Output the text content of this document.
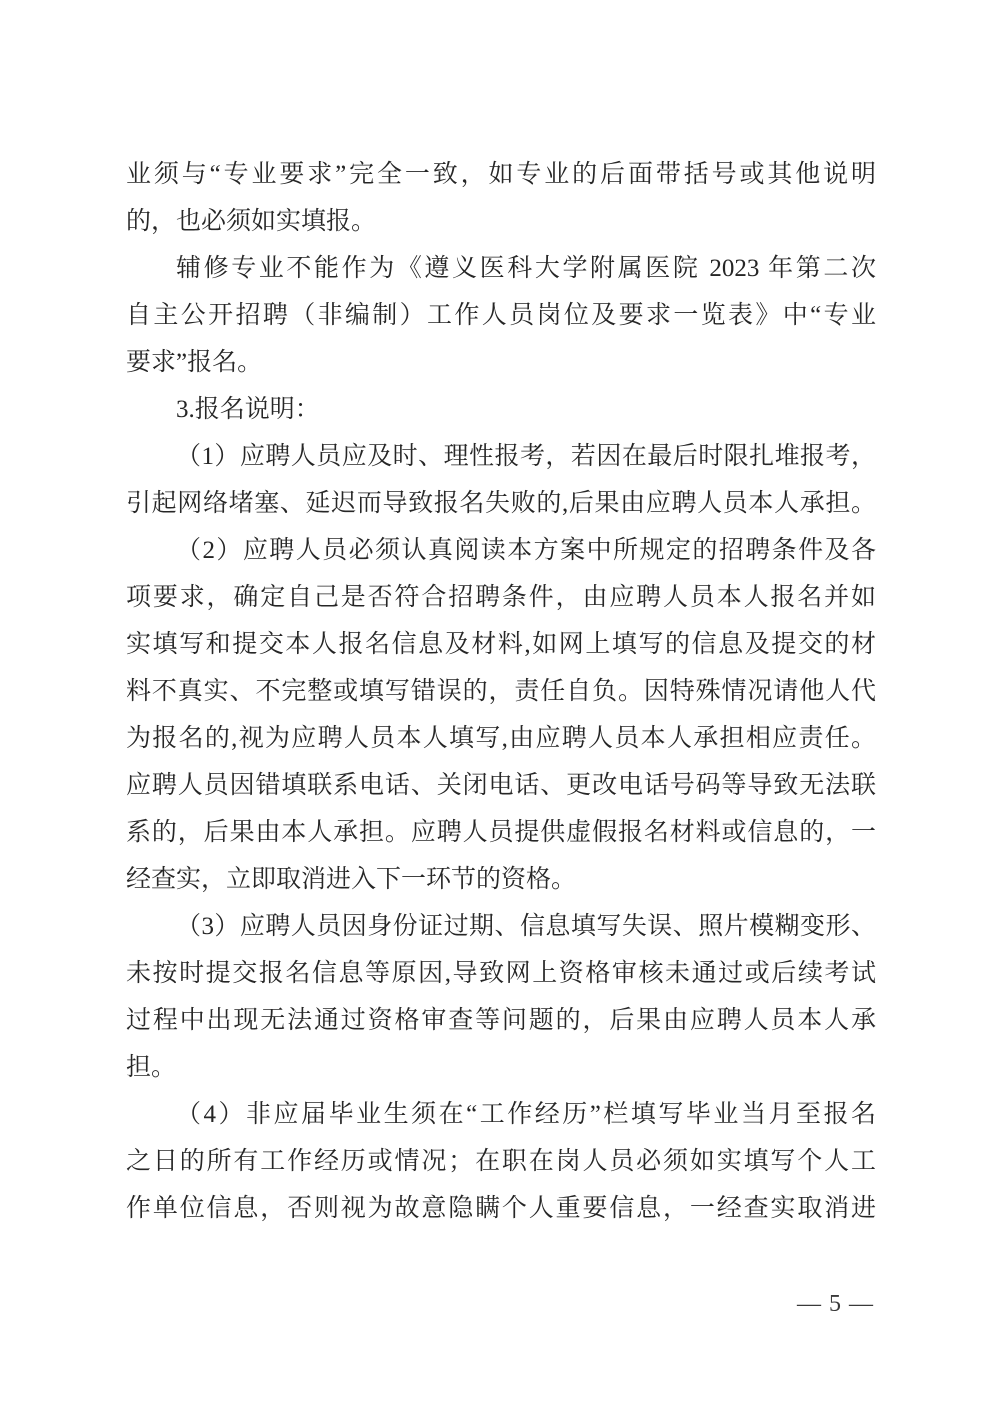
业须与“专业要求”完全一致，如专业的后面带括号或其他说明
的，也必须如实填报。
辅修专业不能作为《遵义医科大学附属医院 2023 年第二次
自主公开招聘（非编制）工作人员岗位及要求一览表》中“专业
要求”报名。
3.报名说明：
（1）应聘人员应及时、理性报考，若因在最后时限扎堆报考，
引起网络堵塞、延迟而导致报名失败的,后果由应聘人员本人承担。
（2）应聘人员必须认真阅读本方案中所规定的招聘条件及各
项要求，确定自己是否符合招聘条件，由应聘人员本人报名并如
实填写和提交本人报名信息及材料,如网上填写的信息及提交的材
料不真实、不完整或填写错误的，责任自负。因特殊情况请他人代
为报名的,视为应聘人员本人填写,由应聘人员本人承担相应责任。
应聘人员因错填联系电话、关闭电话、更改电话号码等导致无法联
系的，后果由本人承担。应聘人员提供虚假报名材料或信息的，一
经查实，立即取消进入下一环节的资格。
（3）应聘人员因身份证过期、信息填写失误、照片模糊变形、
未按时提交报名信息等原因,导致网上资格审核未通过或后续考试
过程中出现无法通过资格审查等问题的，后果由应聘人员本人承
担。
（4）非应届毕业生须在“工作经历”栏填写毕业当月至报名
之日的所有工作经历或情况；在职在岗人员必须如实填写个人工
作单位信息，否则视为故意隐瞒个人重要信息，一经查实取消进
— 5 —
